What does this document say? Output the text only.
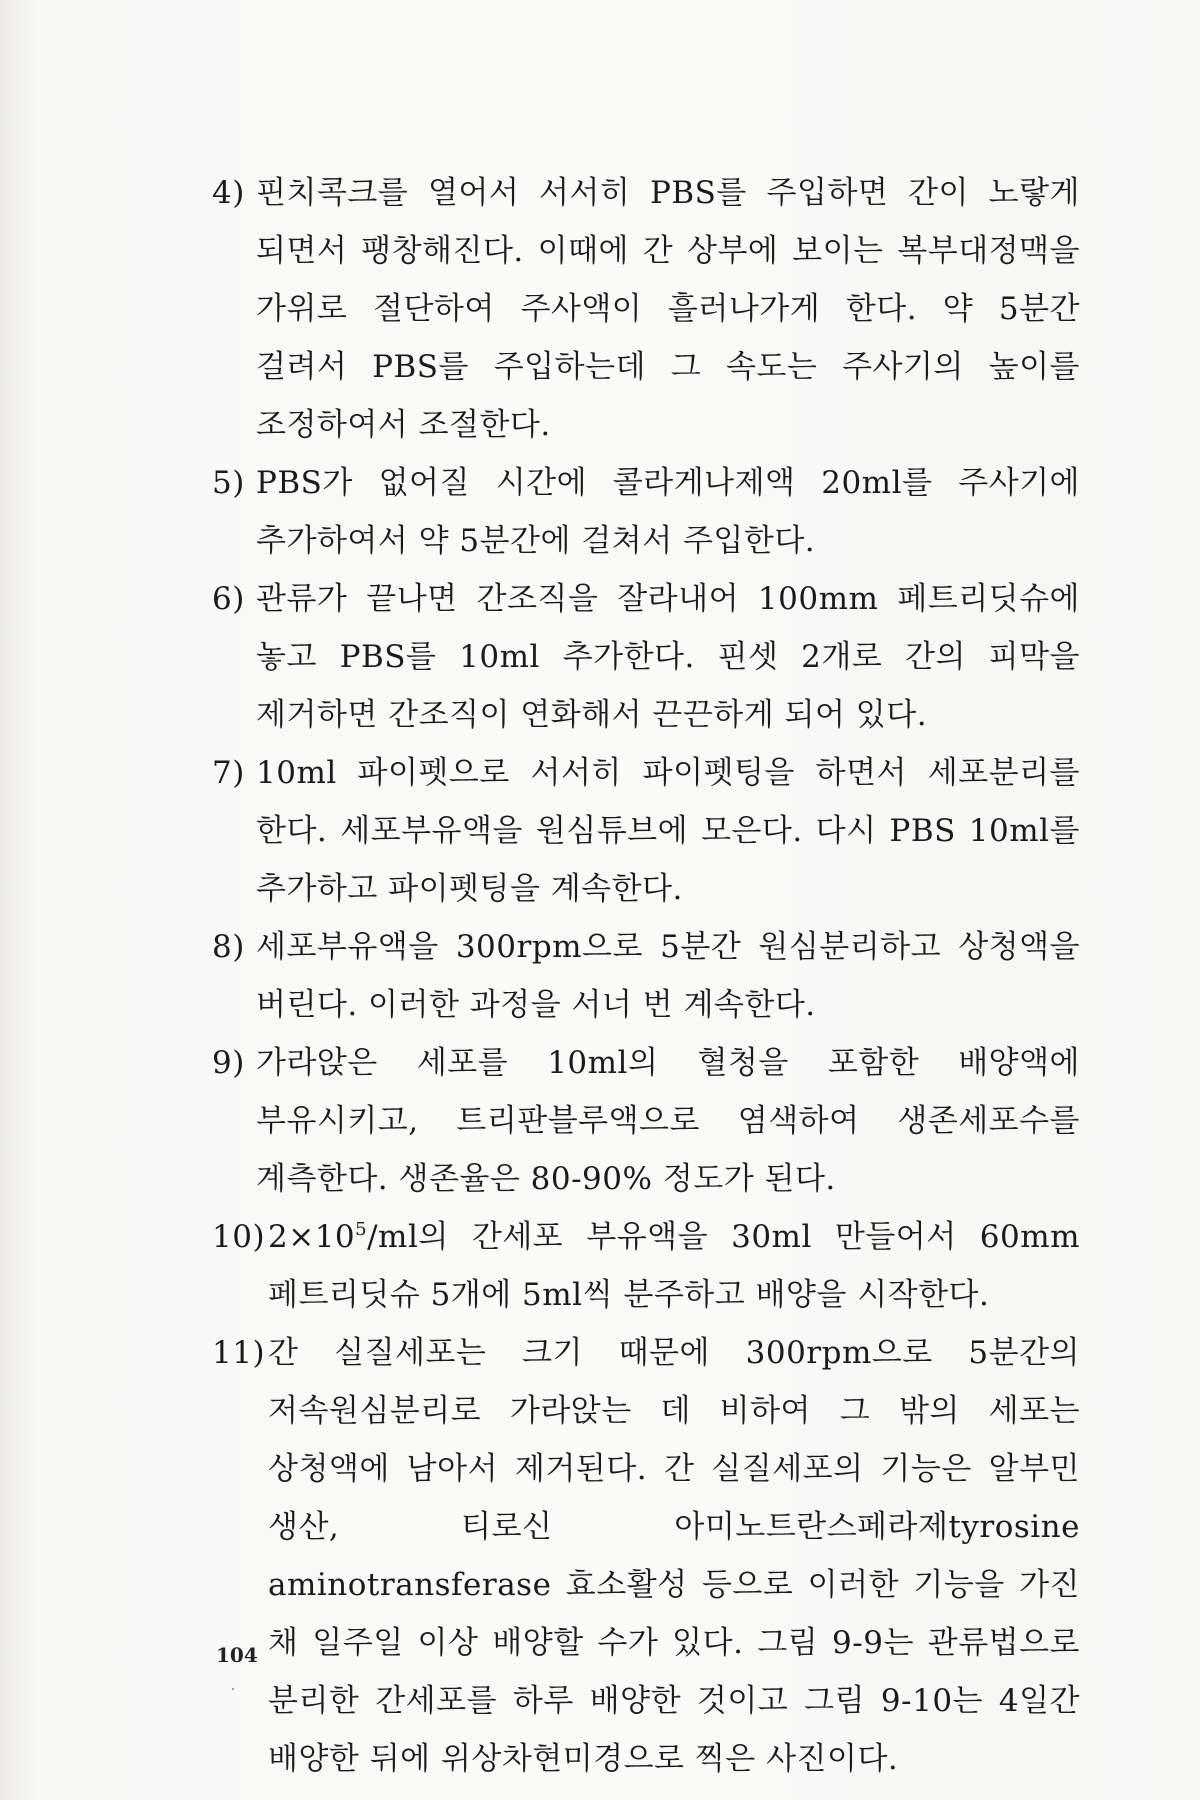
4) 핀치콕크를 열어서 서서히 PBS를 주입하면 간이 노랗게 되면서 팽창해진다. 이때에 간 상부에 보이는 복부대정맥을 가위로 절단하여 주사액이 흘러나가게 한다. 약 5분간 걸려서 PBS를 주입하는데 그 속도는 주사기의 높이를 조정하여서 조절한다.
5) PBS가 없어질 시간에 콜라게나제액 20ml를 주사기에 추가하여서 약 5분간에 걸쳐서 주입한다.
6) 관류가 끝나면 간조직을 잘라내어 100mm 페트리딧슈에 놓고 PBS를 10ml 추가한다. 핀셋 2개로 간의 피막을 제거하면 간조직이 연화해서 끈끈하게 되어 있다.
7) 10ml 파이펫으로 서서히 파이펫팅을 하면서 세포분리를 한다. 세포부유액을 원심튜브에 모은다. 다시 PBS 10ml를 추가하고 파이펫팅을 계속한다.
8) 세포부유액을 300rpm으로 5분간 원심분리하고 상청액을 버린다. 이러한 과정을 서너 번 계속한다.
9) 가라앉은 세포를 10ml의 혈청을 포함한 배양액에 부유시키고, 트리판블루액으로 염색하여 생존세포수를 계측한다. 생존율은 80-90% 정도가 된다.
10) $2\times 10^5/ml$의 간세포 부유액을 30ml 만들어서 60mm 페트리딧슈 5개에 5ml씩 분주하고 배양을 시작한다.
11) 간 실질세포는 크기 때문에 300rpm으로 5분간의 저속원심분리로 가라앉는 데 비하여 그 밖의 세포는 상청액에 남아서 제거된다. 간 실질세포의 기능은 알부민 생산, 티로신 아미노트란스페라제tyrosine aminotransferase 효소활성 등으로 이러한 기능을 가진 채 일주일 이상 배양할 수가 있다. 그림 9-9는 관류법으로 분리한 간세포를 하루 배양한 것이고 그림 9-10는 4일간 배양한 뒤에 위상차현미경으로 찍은 사진이다.
104
